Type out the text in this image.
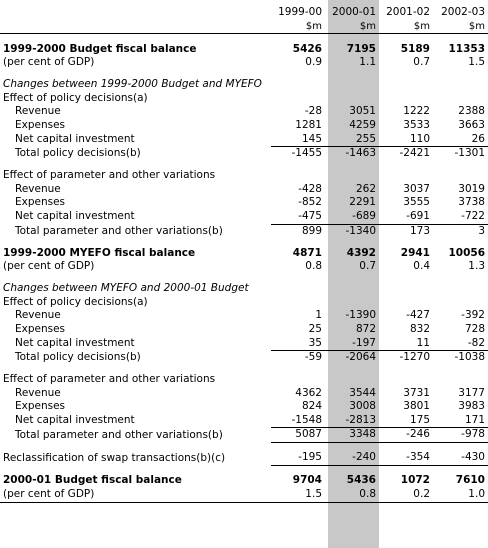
	1999-00	2000-01	2001-02	2002-03
	$m	$m	$m	$m
1999-2000 Budget fiscal balance	5426	7195	5189	11353
(per cent of GDP)	0.9	1.1	0.7	1.5
Changes between 1999-2000 Budget and MYEFO				
Effect of policy decisions(a)				
Revenue	-28	3051	1222	2388
Expenses	1281	4259	3533	3663
Net capital investment	145	255	110	26
Total policy decisions(b)	-1455	-1463	-2421	-1301
Effect of parameter and other variations				
Revenue	-428	262	3037	3019
Expenses	-852	2291	3555	3738
Net capital investment	-475	-689	-691	-722
Total parameter and other variations(b)	899	-1340	173	3
1999-2000 MYEFO fiscal balance	4871	4392	2941	10056
(per cent of GDP)	0.8	0.7	0.4	1.3
Changes between MYEFO and 2000-01 Budget				
Effect of policy decisions(a)				
Revenue	1	-1390	-427	-392
Expenses	25	872	832	728
Net capital investment	35	-197	11	-82
Total policy decisions(b)	-59	-2064	-1270	-1038
Effect of parameter and other variations				
Revenue	4362	3544	3731	3177
Expenses	824	3008	3801	3983
Net capital investment	-1548	-2813	175	171
Total parameter and other variations(b)	5087	3348	-246	-978
Reclassification of swap transactions(b)(c)	-195	-240	-354	-430
2000-01 Budget fiscal balance	9704	5436	1072	7610
(per cent of GDP)	1.5	0.8	0.2	1.0
